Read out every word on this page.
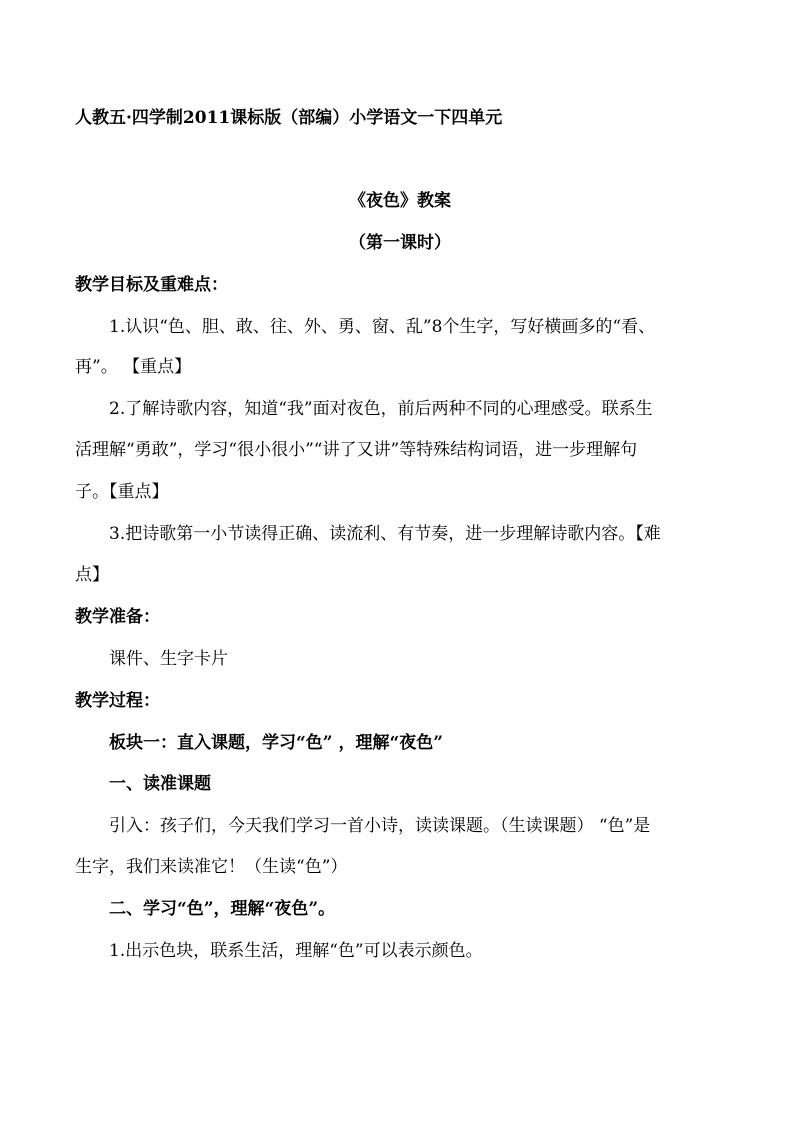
人教五·四学制2011课标版（部编）小学语文一下四单元
《夜色》教案
（第一课时）
教学目标及重难点：
1.认识“色、胆、敢、往、外、勇、窗、乱”8个生字，写好横画多的“看、
再”。 【重点】
2.了解诗歌内容，知道“我”面对夜色，前后两种不同的心理感受。联系生
活理解“勇敢”，学习“很小很小”“讲了又讲”等特殊结构词语，进一步理解句
子。【重点】
3.把诗歌第一小节读得正确、读流利、有节奏，进一步理解诗歌内容。【难
点】
教学准备：
课件、生字卡片
教学过程：
板块一：直入课题，学习“色” ，理解“夜色”
一、读准课题
引入：孩子们，今天我们学习一首小诗，读读课题。（生读课题） “色”是
生字，我们来读准它！（生读“色”）
二、学习“色”，理解“夜色”。
1.出示色块，联系生活，理解“色”可以表示颜色。
